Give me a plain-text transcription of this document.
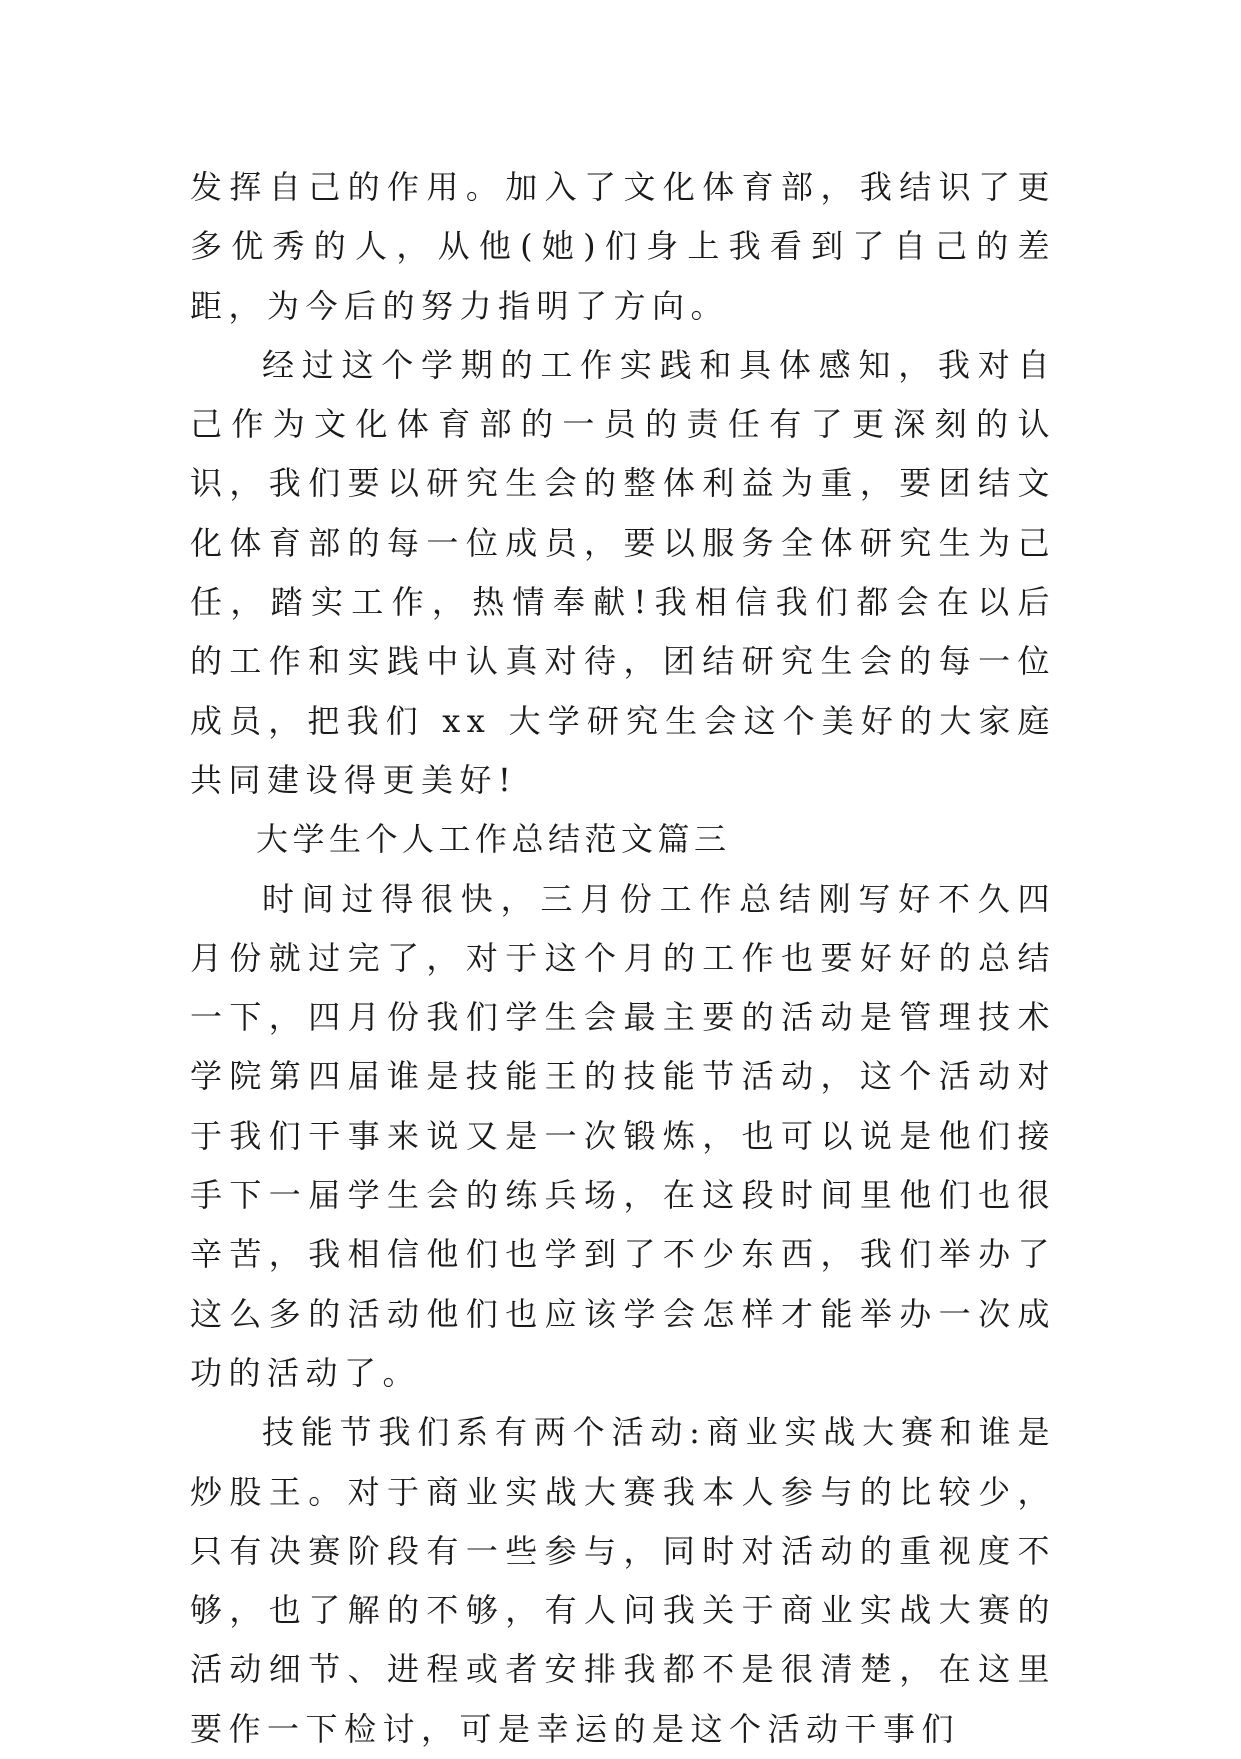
发挥自己的作用。加入了文化体育部，我结识了更多优秀的人，从他(她)们身上我看到了自己的差距，为今后的努力指明了方向。

经过这个学期的工作实践和具体感知，我对自己作为文化体育部的一员的责任有了更深刻的认识，我们要以研究生会的整体利益为重，要团结文化体育部的每一位成员，要以服务全体研究生为己任，踏实工作，热情奉献!我相信我们都会在以后的工作和实践中认真对待，团结研究生会的每一位成员，把我们 xx 大学研究生会这个美好的大家庭共同建设得更美好!

大学生个人工作总结范文篇三

时间过得很快，三月份工作总结刚写好不久四月份就过完了，对于这个月的工作也要好好的总结一下，四月份我们学生会最主要的活动是管理技术学院第四届谁是技能王的技能节活动，这个活动对于我们干事来说又是一次锻炼，也可以说是他们接手下一届学生会的练兵场，在这段时间里他们也很辛苦，我相信他们也学到了不少东西，我们举办了这么多的活动他们也应该学会怎样才能举办一次成功的活动了。

技能节我们系有两个活动:商业实战大赛和谁是炒股王。对于商业实战大赛我本人参与的比较少，只有决赛阶段有一些参与，同时对活动的重视度不够，也了解的不够，有人问我关于商业实战大赛的活动细节、进程或者安排我都不是很清楚，在这里要作一下检讨，可是幸运的是这个活动干事们
